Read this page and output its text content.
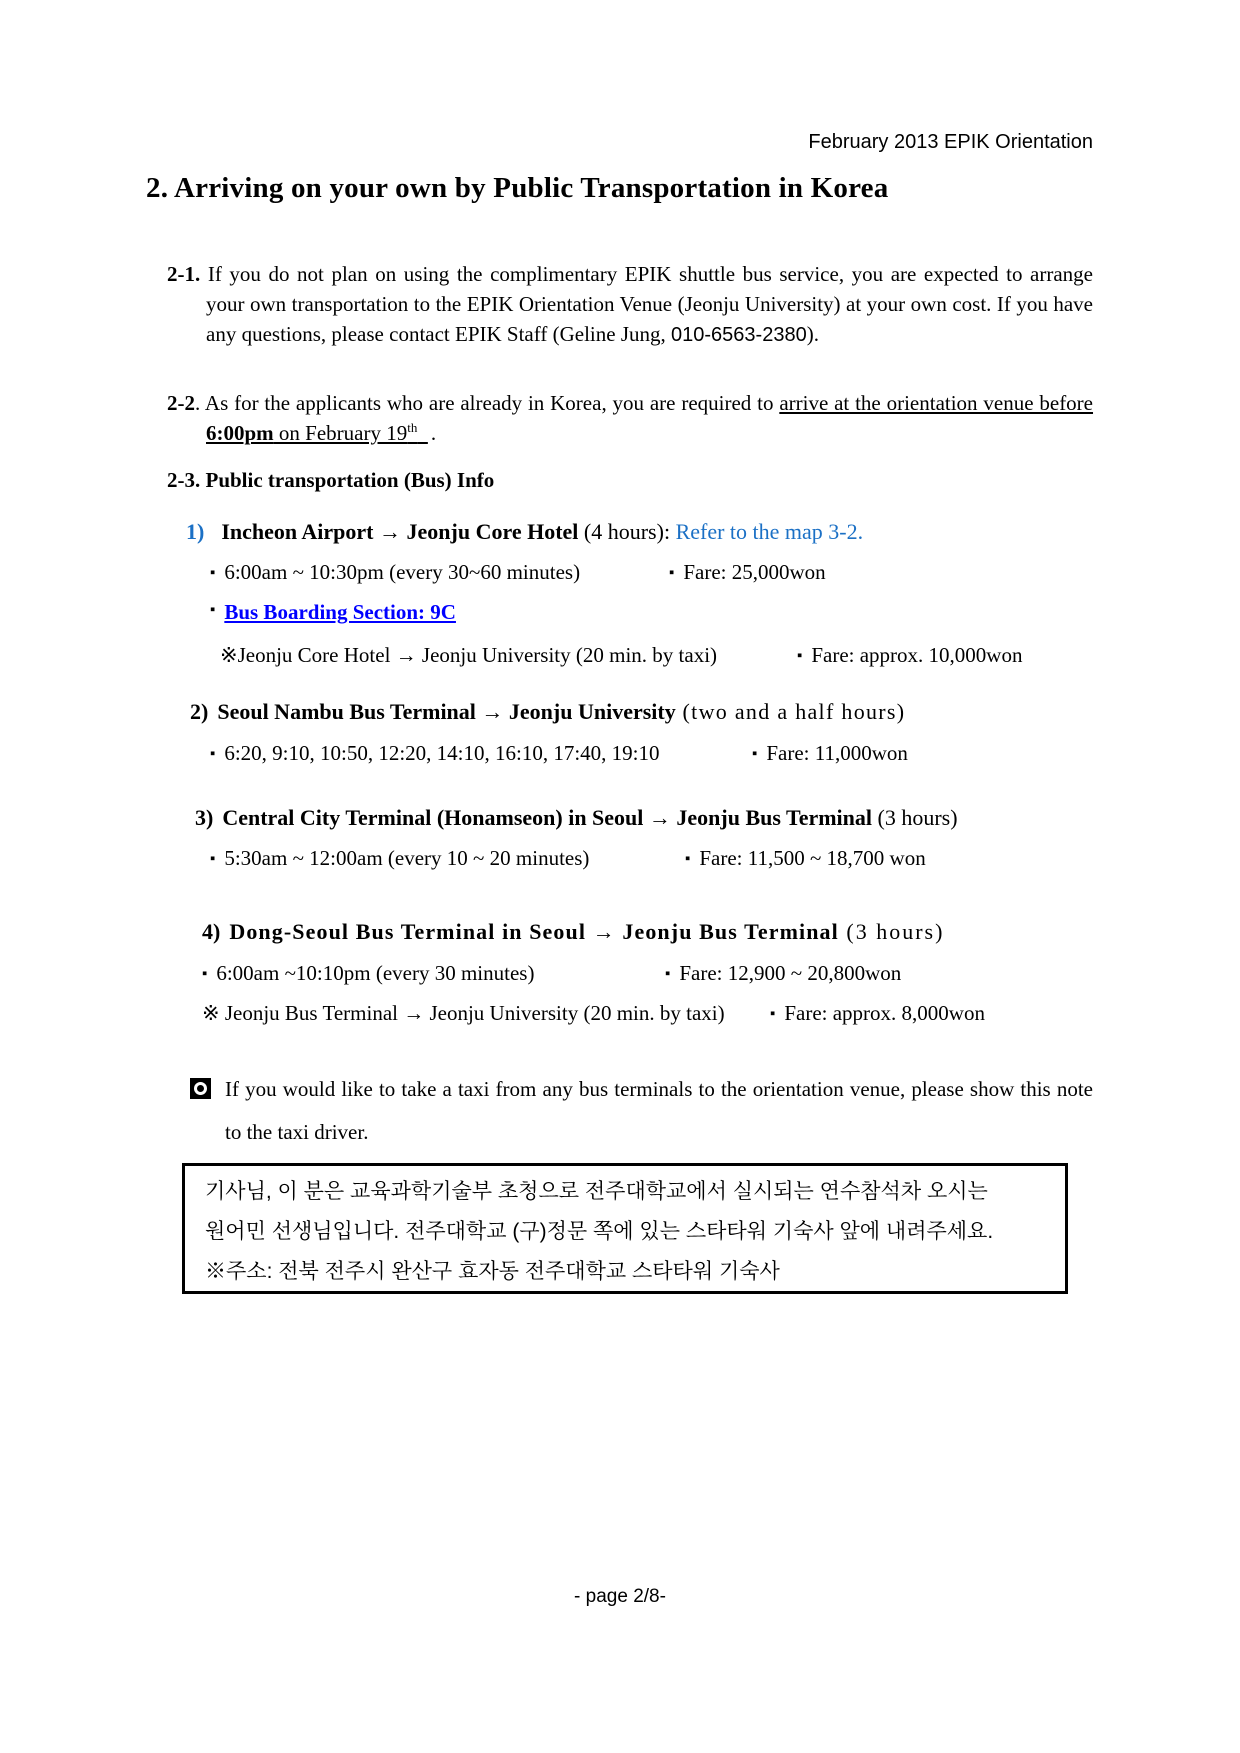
February 2013 EPIK Orientation
2. Arriving on your own by Public Transportation in Korea

2-1. If you do not plan on using the complimentary EPIK shuttle bus service, you are expected to arrange your own transportation to the EPIK Orientation Venue (Jeonju University) at your own cost. If you have any questions, please contact EPIK Staff (Geline Jung, 010-6563-2380).

2-2. As for the applicants who are already in Korea, you are required to arrive at the orientation venue before 6:00pm on February 19th .

2-3. Public transportation (Bus) Info
1) Incheon Airport → Jeonju Core Hotel (4 hours): Refer to the map 3-2.
▪ 6:00am ~ 10:30pm (every 30~60 minutes)	▪ Fare: 25,000won
▪ Bus Boarding Section: 9C
※Jeonju Core Hotel → Jeonju University (20 min. by taxi)	▪ Fare: approx. 10,000won
2) Seoul Nambu Bus Terminal → Jeonju University (two and a half hours)
▪ 6:20, 9:10, 10:50, 12:20, 14:10, 16:10, 17:40, 19:10	▪ Fare: 11,000won
3) Central City Terminal (Honamseon) in Seoul → Jeonju Bus Terminal (3 hours)
▪ 5:30am ~ 12:00am (every 10 ~ 20 minutes)	▪ Fare: 11,500 ~ 18,700 won
4) Dong-Seoul Bus Terminal in Seoul → Jeonju Bus Terminal (3 hours)
▪ 6:00am ~10:10pm (every 30 minutes)	▪ Fare: 12,900 ~ 20,800won
※ Jeonju Bus Terminal → Jeonju University (20 min. by taxi)	▪ Fare: approx. 8,000won
If you would like to take a taxi from any bus terminals to the orientation venue, please show this note to the taxi driver.
기사님, 이 분은 교육과학기술부 초청으로 전주대학교에서 실시되는 연수참석차 오시는
원어민 선생님입니다. 전주대학교 (구)정문 쪽에 있는 스타타워 기숙사 앞에 내려주세요.
※주소: 전북 전주시 완산구 효자동 전주대학교 스타타워 기숙사
- page 2/8-
